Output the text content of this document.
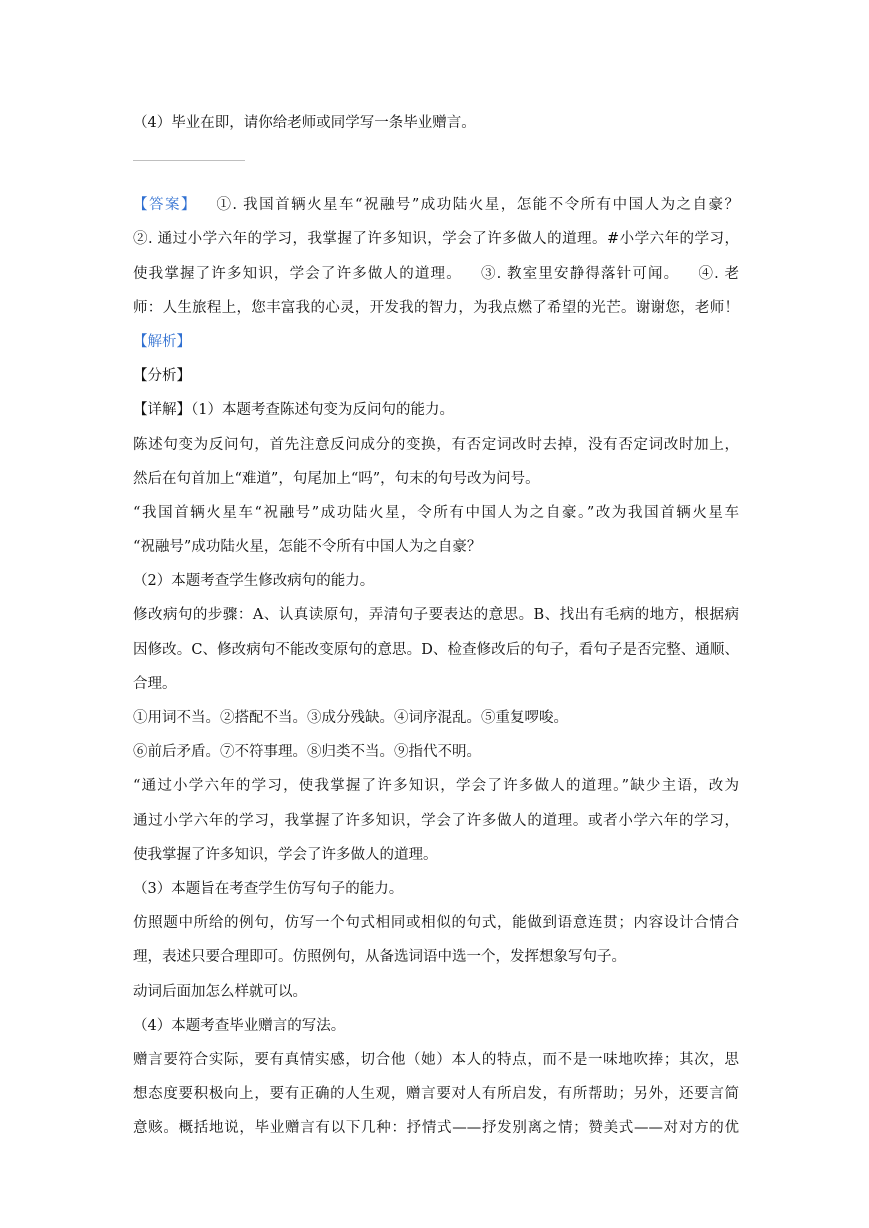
（4）毕业在即，请你给老师或同学写一条毕业赠言。
【答案】 ①. 我国首辆火星车“祝融号”成功陆火星，怎能不令所有中国人为之自豪？
②. 通过小学六年的学习，我掌握了许多知识，学会了许多做人的道理。#小学六年的学习，
使我掌握了许多知识，学会了许多做人的道理。 ③. 教室里安静得落针可闻。 ④. 老
师：人生旅程上，您丰富我的心灵，开发我的智力，为我点燃了希望的光芒。谢谢您，老师！
【解析】
【分析】
【详解】（1）本题考查陈述句变为反问句的能力。
陈述句变为反问句，首先注意反问成分的变换，有否定词改时去掉，没有否定词改时加上，
然后在句首加上“难道”，句尾加上“吗”，句末的句号改为问号。
“我国首辆火星车“祝融号”成功陆火星，令所有中国人为之自豪。”改为我国首辆火星车
“祝融号”成功陆火星，怎能不令所有中国人为之自豪？
（2）本题考查学生修改病句的能力。
修改病句的步骤：A、认真读原句，弄清句子要表达的意思。B、找出有毛病的地方，根据病
因修改。C、修改病句不能改变原句的意思。D、检查修改后的句子，看句子是否完整、通顺、
合理。
①用词不当。②搭配不当。③成分残缺。④词序混乱。⑤重复啰唆。
⑥前后矛盾。⑦不符事理。⑧归类不当。⑨指代不明。
“通过小学六年的学习，使我掌握了许多知识，学会了许多做人的道理。”缺少主语，改为
通过小学六年的学习，我掌握了许多知识，学会了许多做人的道理。或者小学六年的学习，
使我掌握了许多知识，学会了许多做人的道理。
（3）本题旨在考查学生仿写句子的能力。
仿照题中所给的例句，仿写一个句式相同或相似的句式，能做到语意连贯；内容设计合情合
理，表述只要合理即可。仿照例句，从备选词语中选一个，发挥想象写句子。
动词后面加怎么样就可以。
（4）本题考查毕业赠言的写法。
赠言要符合实际，要有真情实感，切合他（她）本人的特点，而不是一味地吹捧；其次，思
想态度要积极向上，要有正确的人生观，赠言要对人有所启发，有所帮助；另外，还要言简
意赅。概括地说，毕业赠言有以下几种：抒情式——抒发别离之情；赞美式——对对方的优
